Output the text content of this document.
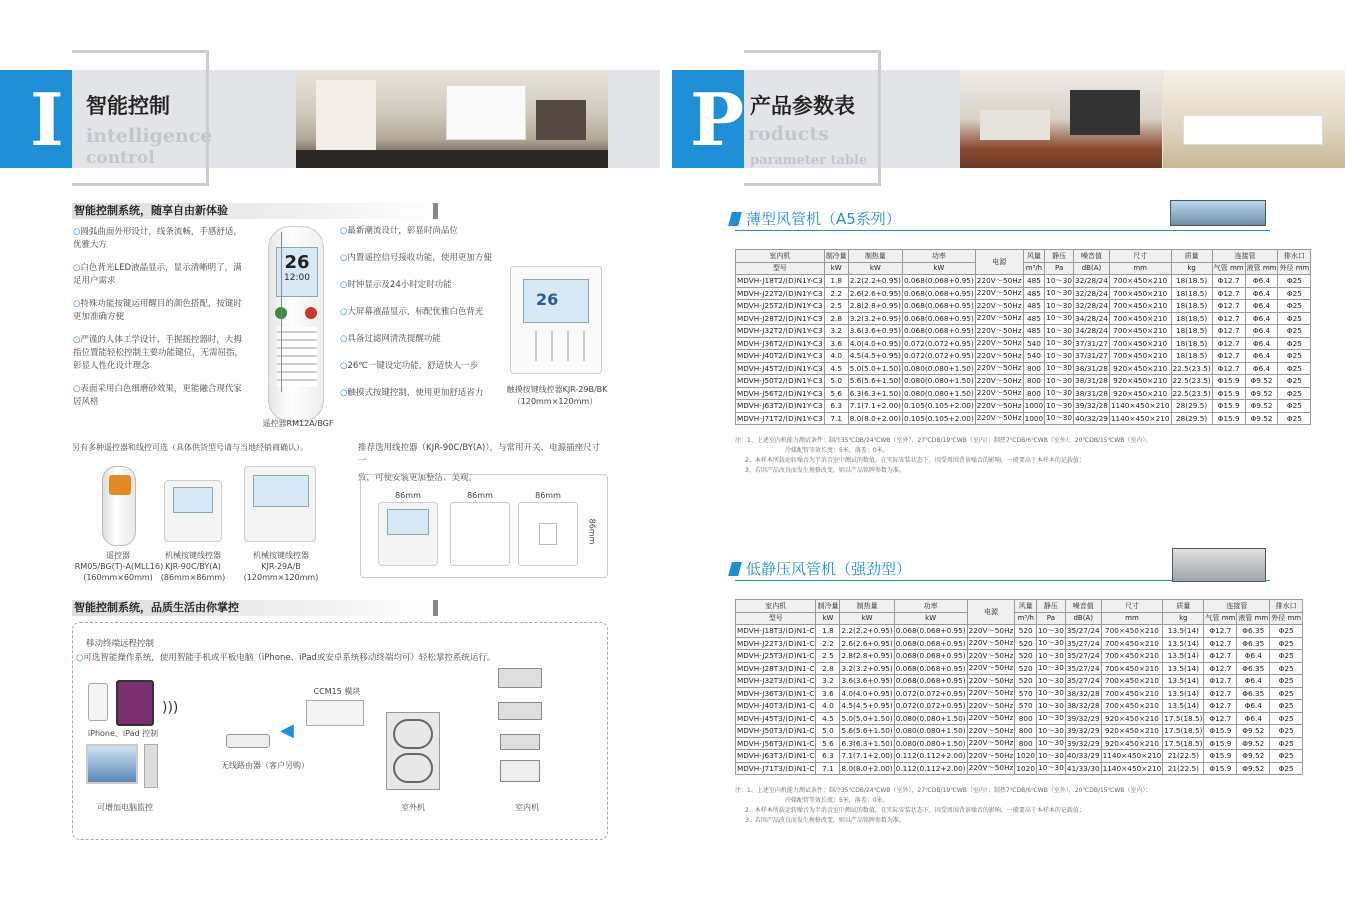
I 智能控制
intelligence
control	P 产品参数表
roducts
parameter table
智能控制系统，随享自由新体验
○圆弧曲面外形设计，线条流畅，手感舒适，
优雅大方
○白色背光LED液晶显示，显示清晰明了，满
足用户需求
○特殊功能按键运用醒目的颜色搭配，按键时
更加准确方便
○严谨的人体工学设计，手握摇控器时，大拇
指位置能轻松控制主要功能键位，无需屈指，
彰显人性化设计理念
○表面采用白色细磨砂效果，更能融合现代家
居风格
26
12:00
遥控器RM12A/BGF
○最新潮流设计，彰显时尚品位
○内置遥控信号接收功能，使用更加方便
○时钟显示及24小时定时功能
○大屏幕液晶显示，标配优雅白色背光
○具备过滤网清洗提醒功能
○26℃一键设定功能，舒适快人一步
○触摸式按键控制，使用更加舒适省力
26
触摸按键线控器KJR-29B/BK
（120mm×120mm）
另有多种遥控器和线控可选（具体供货型号请与当地经销商确认）。
遥控器
RM05/BG(T)-A(MLL16)
(160mm×60mm)
机械按键线控器
KJR-90C/BY(A)
(86mm×86mm)
机械按键线控器
KJR-29A/B
(120mm×120mm)
推荐选用线控器（KJR-90C/BY(A)），与常用开关、电源插座尺寸一
致，可使安装更加整洁、美观。
86mm	86mm	86mm
86mm
智能控制系统，品质生活由你掌控
移动终端远程控制
○可选智能操作系统，使用智能手机或平板电脑（iPhone、iPad或安卓系统移动终端均可）轻松掌控系统运行。
)))
iPhone、iPad 控制
可增加电脑监控
无线路由器（客户另购）
◀
CCM15 模块
室外机	室内机
薄型风管机（A5系列）
室内机	制冷量	制热量	功率	电源	风量	静压	噪音值	尺寸	质量	连接管		排水口
型号	kW	kW	kW		m³/h	Pa	dB(A)	mm	kg	气管 mm	液管 mm	外径 mm
MDVH-J18T2/(D)N1Y-C3	1.8	2.2(2.2+0.95)	0.068(0.068+0.95)	220V～50Hz	485	10～30	32/28/24	700×450×210	18(18.5)	Φ12.7	Φ6.4	Φ25
MDVH-J22T2/(D)N1Y-C3	2.2	2.6(2.6+0.95)	0.068(0.068+0.95)	220V～50Hz	485	10～30	32/28/24	700×450×210	18(18.5)	Φ12.7	Φ6.4	Φ25
MDVH-J25T2/(D)N1Y-C3	2.5	2.8(2.8+0.95)	0.068(0.068+0.95)	220V～50Hz	485	10～30	32/28/24	700×450×210	18(18.5)	Φ12.7	Φ6.4	Φ25
MDVH-J28T2/(D)N1Y-C3	2.8	3.2(3.2+0.95)	0.068(0.068+0.95)	220V～50Hz	485	10～30	34/28/24	700×450×210	18(18.5)	Φ12.7	Φ6.4	Φ25
MDVH-J32T2/(D)N1Y-C3	3.2	3.6(3.6+0.95)	0.068(0.068+0.95)	220V～50Hz	485	10～30	34/28/24	700×450×210	18(18.5)	Φ12.7	Φ6.4	Φ25
MDVH-J36T2/(D)N1Y-C3	3.6	4.0(4.0+0.95)	0.072(0.072+0.95)	220V～50Hz	540	10～30	37/31/27	700×450×210	18(18.5)	Φ12.7	Φ6.4	Φ25
MDVH-J40T2/(D)N1Y-C3	4.0	4.5(4.5+0.95)	0.072(0.072+0.95)	220V～50Hz	540	10～30	37/31/27	700×450×210	18(18.5)	Φ12.7	Φ6.4	Φ25
MDVH-J45T2/(D)N1Y-C3	4.5	5.0(5.0+1.50)	0.080(0.080+1.50)	220V～50Hz	800	10～30	38/31/28	920×450×210	22.5(23.5)	Φ12.7	Φ6.4	Φ25
MDVH-J50T2/(D)N1Y-C3	5.0	5.6(5.6+1.50)	0.080(0.080+1.50)	220V～50Hz	800	10～30	38/31/28	920×450×210	22.5(23.5)	Φ15.9	Φ9.52	Φ25
MDVH-J56T2/(D)N1Y-C3	5.6	6.3(6.3+1.50)	0.080(0.080+1.50)	220V～50Hz	800	10～30	38/31/28	920×450×210	22.5(23.5)	Φ15.9	Φ9.52	Φ25
MDVH-J63T2/(D)N1Y-C3	6.3	7.1(7.1+2.00)	0.105(0.105+2.00)	220V～50Hz	1000	10～30	39/32/28	1140×450×210	28(29.5)	Φ15.9	Φ9.52	Φ25
MDVH-J71T2/(D)N1Y-C3	7.1	8.0(8.0+2.00)	0.105(0.105+2.00)	220V～50Hz	1000	10～30	40/32/29	1140×450×210	28(29.5)	Φ15.9	Φ9.52	Φ25
注：1、上述室内机能力测试条件：制冷35℃DB/24℃WB（室外），27℃DB/19℃WB（室内）；制热7℃DB/6℃WB（室外），20℃DB/15℃WB（室内）；
冷媒配管等效长度：5米，落差：0米。
2、本样本所载运转噪音为半消音室中测试的数值，在实际安装状态下，因受周围背景噪音的影响，一般要高于本样本的记载值；
3、若因产品改良而发生规格改变，则以产品铭牌参数为准。
低静压风管机（强劲型）
室内机	制冷量	制热量	功率	电源	风量	静压	噪音值	尺寸	质量	连接管		排水口
型号	kW	kW	kW		m³/h	Pa	dB(A)	mm	kg	气管 mm	液管 mm	外径 mm
MDVH-J18T3/(D)N1-C	1.8	2.2(2.2+0.95)	0.068(0.068+0.95)	220V～50Hz	520	10～30	35/27/24	700×450×210	13.5(14)	Φ12.7	Φ6.35	Φ25
MDVH-J22T3/(D)N1-C	2.2	2.6(2.6+0.95)	0.068(0.068+0.95)	220V～50Hz	520	10～30	35/27/24	700×450×210	13.5(14)	Φ12.7	Φ6.35	Φ25
MDVH-J25T3/(D)N1-C	2.5	2.8(2.8+0.95)	0.068(0.068+0.95)	220V～50Hz	520	10～30	35/27/24	700×450×210	13.5(14)	Φ12.7	Φ6.4	Φ25
MDVH-J28T3/(D)N1-C	2.8	3.2(3.2+0.95)	0.068(0.068+0.95)	220V～50Hz	520	10～30	35/27/24	700×450×210	13.5(14)	Φ12.7	Φ6.35	Φ25
MDVH-J32T3/(D)N1-C	3.2	3.6(3.6+0.95)	0.068(0.068+0.95)	220V～50Hz	520	10～30	35/27/24	700×450×210	13.5(14)	Φ12.7	Φ6.4	Φ25
MDVH-J36T3/(D)N1-C	3.6	4.0(4.0+0.95)	0.072(0.072+0.95)	220V～50Hz	570	10～30	38/32/28	700×450×210	13.5(14)	Φ12.7	Φ6.35	Φ25
MDVH-J40T3/(D)N1-C	4.0	4.5(4.5+0.95)	0.072(0.072+0.95)	220V～50Hz	570	10～30	38/32/28	700×450×210	13.5(14)	Φ12.7	Φ6.4	Φ25
MDVH-J45T3/(D)N1-C	4.5	5.0(5.0+1.50)	0.080(0.080+1.50)	220V～50Hz	800	10～30	39/32/29	920×450×210	17.5(18.5)	Φ12.7	Φ6.4	Φ25
MDVH-J50T3/(D)N1-C	5.0	5.6(5.6+1.50)	0.080(0.080+1.50)	220V～50Hz	800	10～30	39/32/29	920×450×210	17.5(18.5)	Φ15.9	Φ9.52	Φ25
MDVH-J56T3/(D)N1-C	5.6	6.3(6.3+1.50)	0.080(0.080+1.50)	220V～50Hz	800	10～30	39/32/29	920×450×210	17.5(18.5)	Φ15.9	Φ9.52	Φ25
MDVH-J63T3/(D)N1-C	6.3	7.1(7.1+2.00)	0.112(0.112+2.00)	220V～50Hz	1020	10～30	40/33/29	1140×450×210	21(22.5)	Φ15.9	Φ9.52	Φ25
MDVH-J71T3/(D)N1-C	7.1	8.0(8.0+2.00)	0.112(0.112+2.00)	220V～50Hz	1020	10～30	41/33/30	1140×450×210	21(22.5)	Φ15.9	Φ9.52	Φ25
注：1、上述室内机能力测试条件：制冷35℃DB/24℃WB（室外），27℃DB/19℃WB（室内）；制热7℃DB/6℃WB（室外），20℃DB/15℃WB（室内）；
冷媒配管等效长度：5米，落差：0米。
2、本样本所载运转噪音为半消音室中测试的数值，在实际安装状态下，因受周围背景噪音的影响，一般要高于本样本的记载值；
3、若因产品改良而发生规格改变，则以产品铭牌参数为准。
